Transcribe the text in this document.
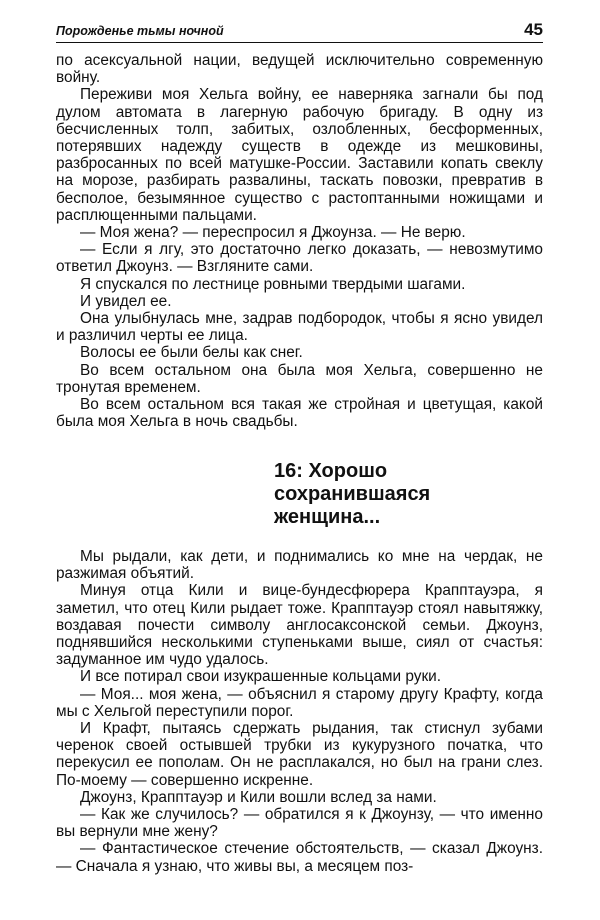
Порожденье тьмы ночной	45

по асексуальной нации, ведущей исключительно современную войну.

Переживи моя Хельга войну, ее наверняка загнали бы под дулом автомата в лагерную рабочую бригаду. В одну из бесчисленных толп, забитых, озлобленных, бесформенных, потерявших надежду существ в одежде из мешковины, разбросанных по всей матушке-России. Заставили копать свеклу на морозе, разбирать развалины, таскать повозки, превратив в бесполое, безымянное существо с растоптанными ножищами и расплющенными пальцами.

— Моя жена? — переспросил я Джоунза. — Не верю.

— Если я лгу, это достаточно легко доказать, — невозмутимо ответил Джоунз. — Взгляните сами.

Я спускался по лестнице ровными твердыми шагами.

И увидел ее.

Она улыбнулась мне, задрав подбородок, чтобы я ясно увидел и различил черты ее лица.

Волосы ее были белы как снег.

Во всем остальном она была моя Хельга, совершенно не тронутая временем.

Во всем остальном вся такая же стройная и цветущая, какой была моя Хельга в ночь свадьбы.

16: Хорошо
сохранившаяся
женщина...

Мы рыдали, как дети, и поднимались ко мне на чердак, не разжимая объятий.

Минуя отца Кили и вице-бундесфюрера Крапптауэра, я заметил, что отец Кили рыдает тоже. Крапптауэр стоял навытяжку, воздавая почести символу англосаксонской семьи. Джоунз, поднявшийся несколькими ступеньками выше, сиял от счастья: задуманное им чудо удалось.

И все потирал свои изукрашенные кольцами руки.

— Моя... моя жена, — объяснил я старому другу Крафту, когда мы с Хельгой переступили порог.

И Крафт, пытаясь сдержать рыдания, так стиснул зубами черенок своей остывшей трубки из кукурузного початка, что перекусил ее пополам. Он не расплакался, но был на грани слез. По-моему — совершенно искренне.

Джоунз, Крапптауэр и Кили вошли вслед за нами.

— Как же случилось? — обратился я к Джоунзу, — что именно вы вернули мне жену?

— Фантастическое стечение обстоятельств, — сказал Джоунз. — Сначала я узнаю, что живы вы, а месяцем поз-
